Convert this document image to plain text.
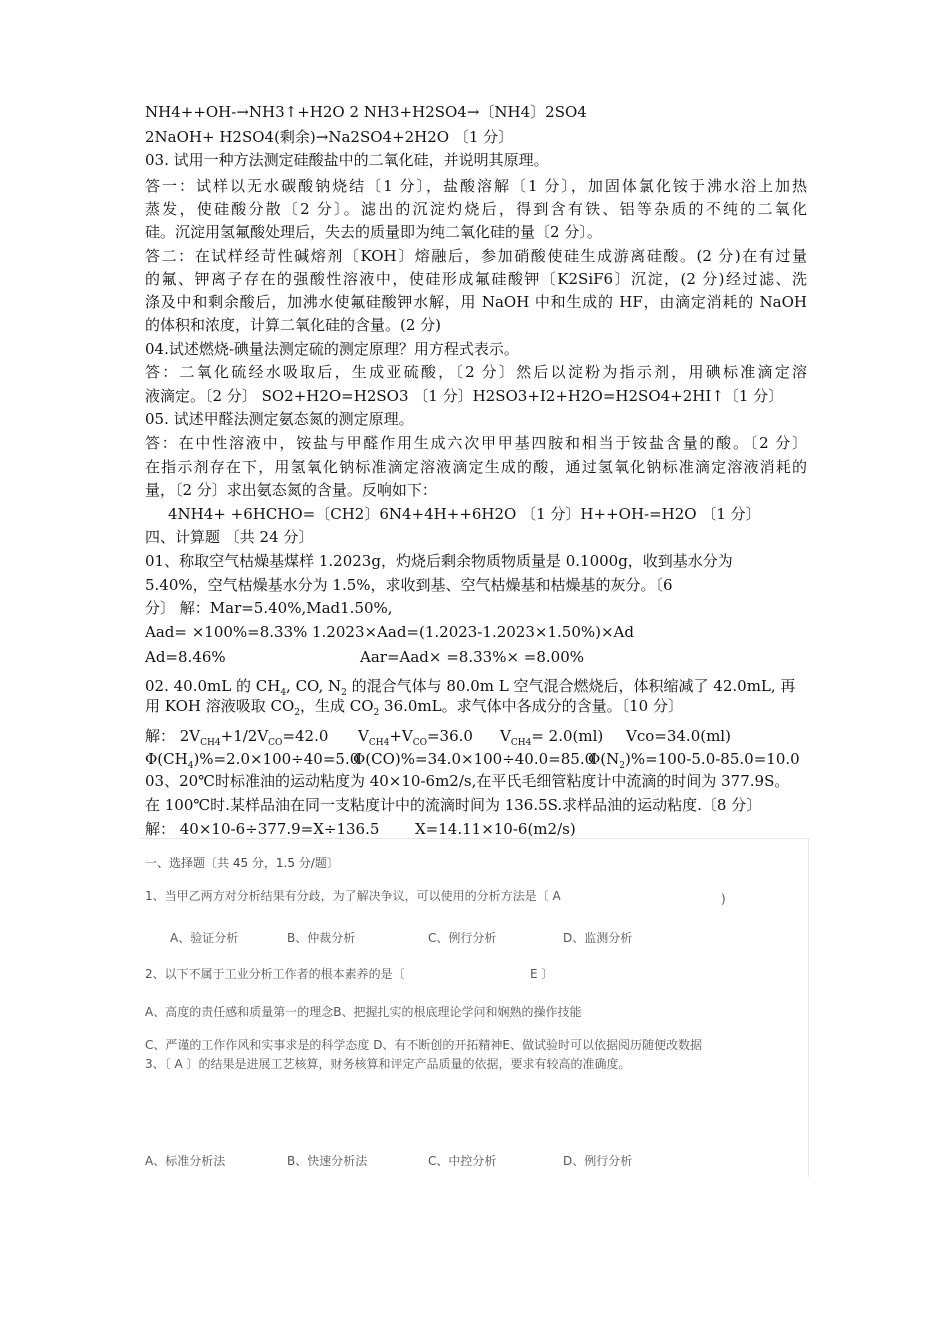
NH4++OH-→NH3↑+H2O 2 NH3+H2SO4→〔NH4〕2SO4
2NaOH+ H2SO4(剩余)→Na2SO4+2H2O 〔1 分〕
03. 试用一种方法测定硅酸盐中的二氧化硅，并说明其原理。
答一：试样以无水碳酸钠烧结〔1 分〕，盐酸溶解〔1 分〕，加固体氯化铵于沸水浴上加热
蒸发，使硅酸分散〔2 分〕。滤出的沉淀灼烧后，得到含有铁、铝等杂质的不纯的二氧化
硅。沉淀用氢氟酸处理后，失去的质量即为纯二氧化硅的量〔2 分〕。
答二：在试样经苛性碱熔剂〔KOH〕熔融后，参加硝酸使硅生成游离硅酸。(2 分)在有过量
的氟、钾离子存在的强酸性溶液中，使硅形成氟硅酸钾〔K2SiF6〕沉淀，(2 分)经过滤、洗
涤及中和剩余酸后，加沸水使氟硅酸钾水解，用 NaOH 中和生成的 HF，由滴定消耗的 NaOH
的体积和浓度，计算二氧化硅的含量。(2 分)
04.试述燃烧-碘量法测定硫的测定原理？用方程式表示。
答：二氧化硫经水吸取后，生成亚硫酸，〔2 分〕然后以淀粉为指示剂，用碘标准滴定溶
液滴定。〔2 分〕 SO2+H2O=H2SO3 〔1 分〕H2SO3+I2+H2O=H2SO4+2HI↑〔1 分〕
05. 试述甲醛法测定氨态氮的测定原理。
答：在中性溶液中，铵盐与甲醛作用生成六次甲甲基四胺和相当于铵盐含量的酸。〔2 分〕
在指示剂存在下，用氢氧化钠标准滴定溶液滴定生成的酸，通过氢氧化钠标准滴定溶液消耗的
量，〔2 分〕求出氨态氮的含量。反响如下：
4NH4+ +6HCHO=〔CH2〕6N4+4H++6H2O 〔1 分〕H++OH-=H2O 〔1 分〕
四、计算题 〔共 24 分〕
01、称取空气枯燥基煤样 1.2023g，灼烧后剩余物质物质量是 0.1000g，收到基水分为
5.40%，空气枯燥基水分为 1.5%，求收到基、空气枯燥基和枯燥基的灰分。〔6
分〕 解：Mar=5.40%,Mad1.50%,
Aad= ×100%=8.33% 1.2023×Aad=(1.2023-1.2023×1.50%)×Ad
Ad=8.46%	Aar=Aad× =8.33%× =8.00%
02. 40.0mL 的 $CH_4$, CO, $N_2$ 的混合气体与 80.0m L 空气混合燃烧后，体积缩减了 42.0mL, 再
用 KOH 溶液吸取 $CO_2$，生成 $CO_2$ 36.0mL。求气体中各成分的含量。〔10 分〕
解： $2V_{CH4}+1/2V_{CO}=42.0$ $V_{CH4}+V_{CO}=36.0$ $V_{CH4}= 2.0(ml)$ Vco=34.0(ml)
$\Phi(CH_4)\%=2.0\times 100\div 40=5.0$
Φ(CO)%=34.0×100÷40.0=85.0
$\Phi(N_2)\%=100-5.0-85.0=10.0$
03、20℃时标准油的运动粘度为 40×10-6m2/s,在平氏毛细管粘度计中流滴的时间为 377.9S。
在 100℃时.某样品油在同一支粘度计中的流滴时间为 136.5S.求样品油的运动粘度.〔8 分〕
解： 40×10-6÷377.9=X÷136.5 X=14.11×10-6(m2/s)
一、选择题〔共 45 分，1.5 分/题〕
1、当甲乙两方对分析结果有分歧，为了解决争议，可以使用的分析方法是〔 A	)
A、验证分析	B、仲裁分析	C、例行分析	D、监测分析
2、以下不属于工业分析工作者的根本素养的是〔	E 〕
A、高度的责任感和质量第一的理念B、把握扎实的根底理论学问和娴熟的操作技能
C、严谨的工作作风和实事求是的科学态度 D、有不断创的开拓精神E、做试验时可以依据阅历随便改数据
3、〔 A 〕的结果是进展工艺核算，财务核算和评定产品质量的依据，要求有较高的准确度。
A、标准分析法	B、快速分析法	C、中控分析	D、例行分析
